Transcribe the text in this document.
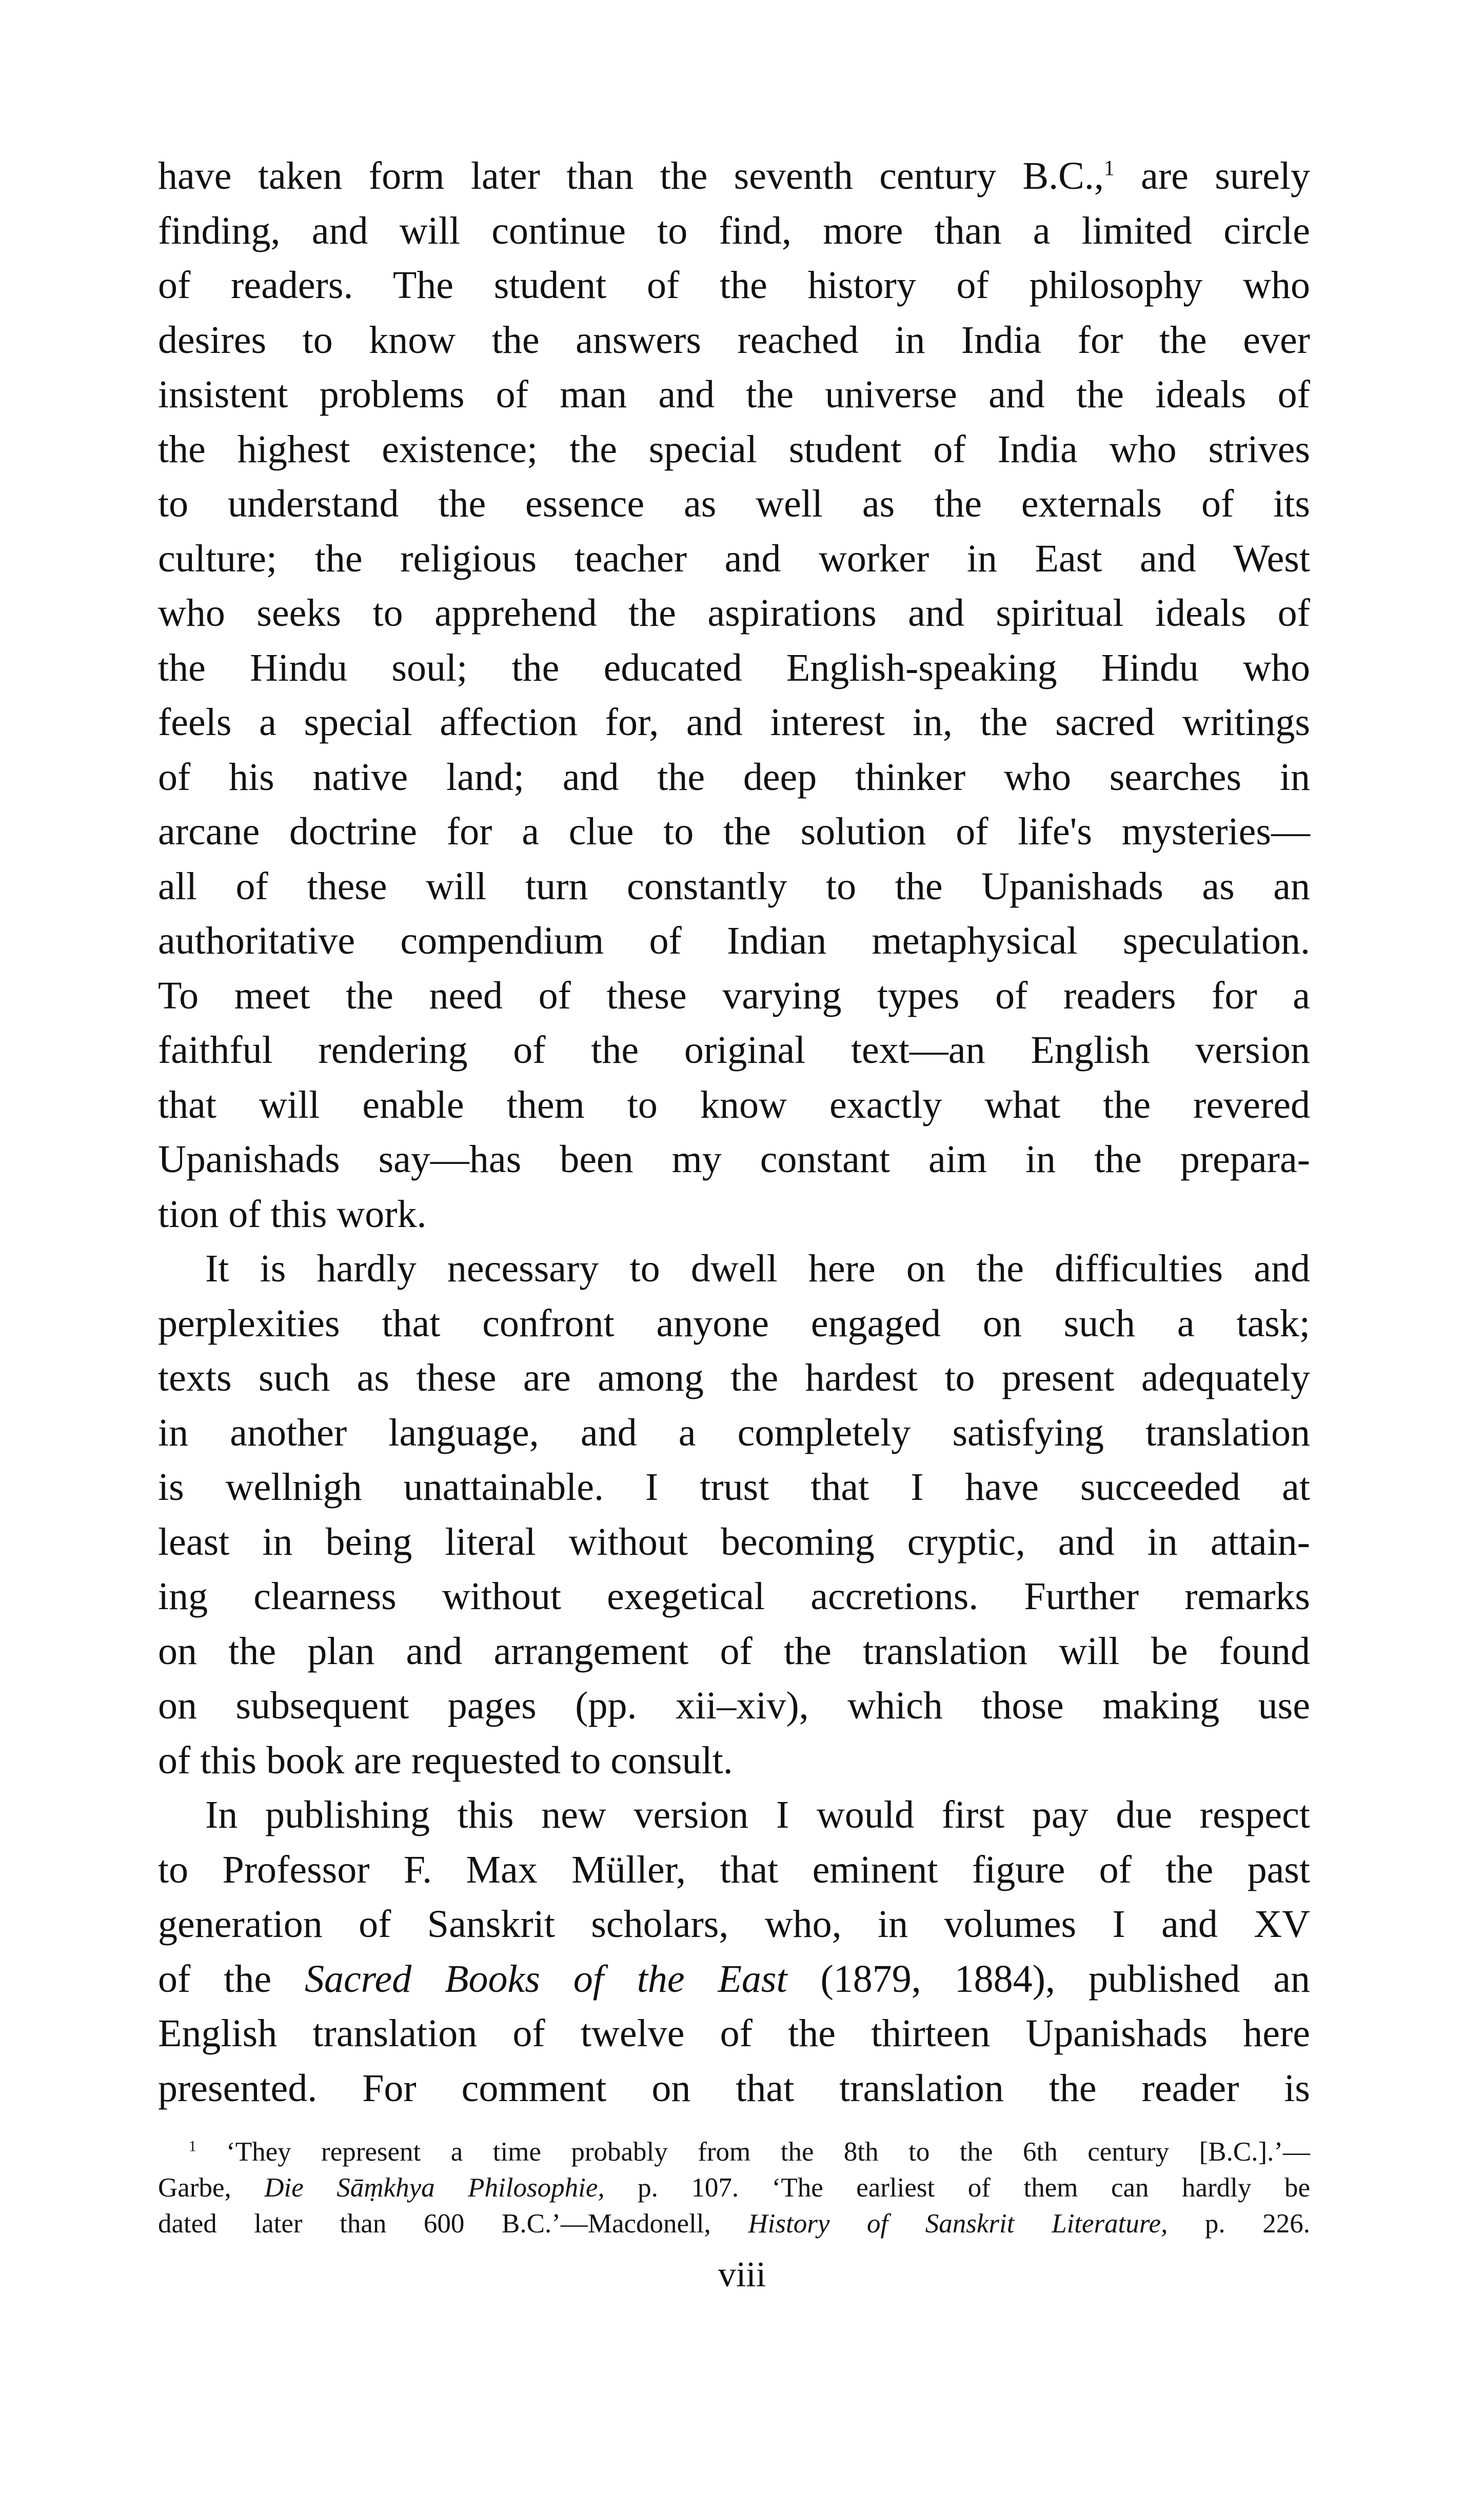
have taken form later than the seventh century B.C.,$^1$ are surely
finding, and will continue to find, more than a limited circle
of readers. The student of the history of philosophy who
desires to know the answers reached in India for the ever
insistent problems of man and the universe and the ideals of
the highest existence; the special student of India who strives
to understand the essence as well as the externals of its
culture; the religious teacher and worker in East and West
who seeks to apprehend the aspirations and spiritual ideals of
the Hindu soul; the educated English-speaking Hindu who
feels a special affection for, and interest in, the sacred writings
of his native land; and the deep thinker who searches in
arcane doctrine for a clue to the solution of life's mysteries—
all of these will turn constantly to the Upanishads as an
authoritative compendium of Indian metaphysical speculation.
To meet the need of these varying types of readers for a
faithful rendering of the original text—an English version
that will enable them to know exactly what the revered
Upanishads say—has been my constant aim in the prepara-
tion of this work.
It is hardly necessary to dwell here on the difficulties and
perplexities that confront anyone engaged on such a task;
texts such as these are among the hardest to present adequately
in another language, and a completely satisfying translation
is wellnigh unattainable. I trust that I have succeeded at
least in being literal without becoming cryptic, and in attain-
ing clearness without exegetical accretions. Further remarks
on the plan and arrangement of the translation will be found
on subsequent pages (pp. xii–xiv), which those making use
of this book are requested to consult.
In publishing this new version I would first pay due respect
to Professor F. Max Müller, that eminent figure of the past
generation of Sanskrit scholars, who, in volumes I and XV
of the Sacred Books of the East (1879, 1884), published an
English translation of twelve of the thirteen Upanishads here
presented. For comment on that translation the reader is
$^1$ ‘They represent a time probably from the 8th to the 6th century [B.C.].’—
Garbe, Die Sāṃkhya Philosophie, p. 107. ‘The earliest of them can hardly be
dated later than 600 B.C.’—Macdonell, History of Sanskrit Literature, p. 226.
viii
